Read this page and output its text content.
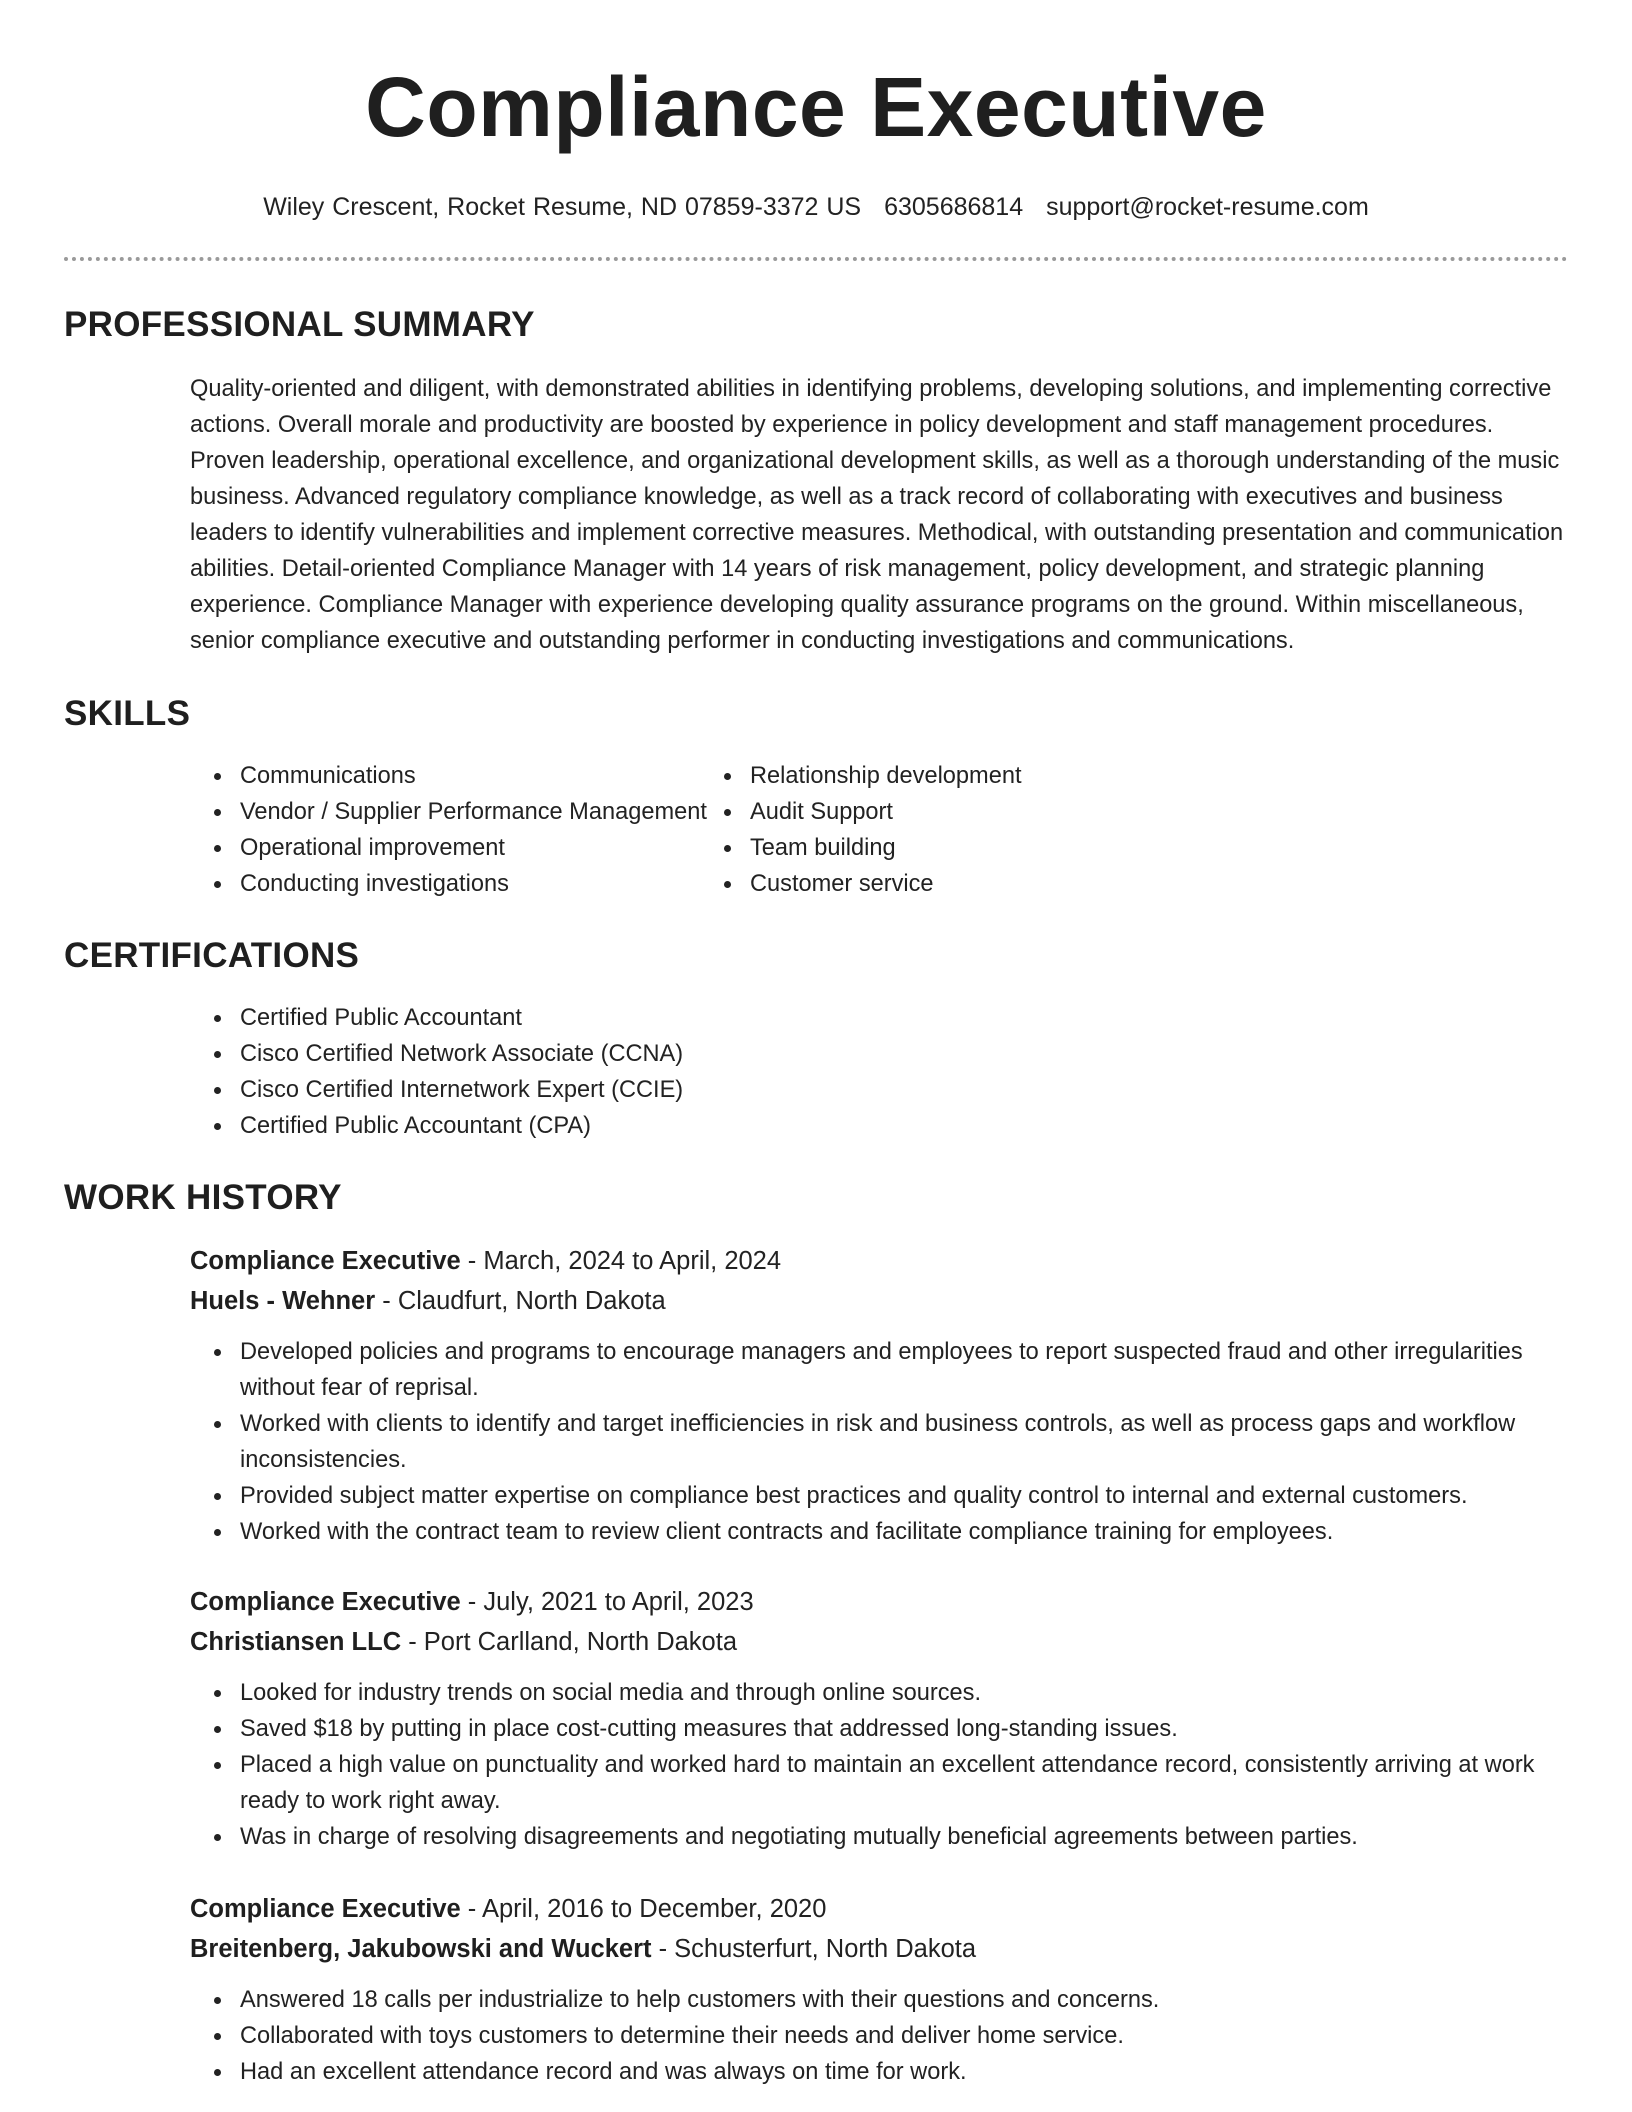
Compliance Executive
Wiley Crescent, Rocket Resume, ND 07859-3372 US 6305686814 support@rocket-resume.com
PROFESSIONAL SUMMARY

Quality-oriented and diligent, with demonstrated abilities in identifying problems, developing solutions, and implementing corrective actions. Overall morale and productivity are boosted by experience in policy development and staff management procedures. Proven leadership, operational excellence, and organizational development skills, as well as a thorough understanding of the music business. Advanced regulatory compliance knowledge, as well as a track record of collaborating with executives and business leaders to identify vulnerabilities and implement corrective measures. Methodical, with outstanding presentation and communication abilities. Detail-oriented Compliance Manager with 14 years of risk management, policy development, and strategic planning experience. Compliance Manager with experience developing quality assurance programs on the ground. Within miscellaneous, senior compliance executive and outstanding performer in conducting investigations and communications.

SKILLS
• Communications
• Vendor / Supplier Performance Management
• Operational improvement
• Conducting investigations
• Relationship development
• Audit Support
• Team building
• Customer service
CERTIFICATIONS
• Certified Public Accountant
• Cisco Certified Network Associate (CCNA)
• Cisco Certified Internetwork Expert (CCIE)
• Certified Public Accountant (CPA)
WORK HISTORY
Compliance Executive - March, 2024 to April, 2024
Huels - Wehner - Claudfurt, North Dakota
• Developed policies and programs to encourage managers and employees to report suspected fraud and other irregularities without fear of reprisal.
• Worked with clients to identify and target inefficiencies in risk and business controls, as well as process gaps and workflow inconsistencies.
• Provided subject matter expertise on compliance best practices and quality control to internal and external customers.
• Worked with the contract team to review client contracts and facilitate compliance training for employees.
Compliance Executive - July, 2021 to April, 2023
Christiansen LLC - Port Carlland, North Dakota
• Looked for industry trends on social media and through online sources.
• Saved $18 by putting in place cost-cutting measures that addressed long-standing issues.
• Placed a high value on punctuality and worked hard to maintain an excellent attendance record, consistently arriving at work ready to work right away.
• Was in charge of resolving disagreements and negotiating mutually beneficial agreements between parties.
Compliance Executive - April, 2016 to December, 2020
Breitenberg, Jakubowski and Wuckert - Schusterfurt, North Dakota
• Answered 18 calls per industrialize to help customers with their questions and concerns.
• Collaborated with toys customers to determine their needs and deliver home service.
• Had an excellent attendance record and was always on time for work.
